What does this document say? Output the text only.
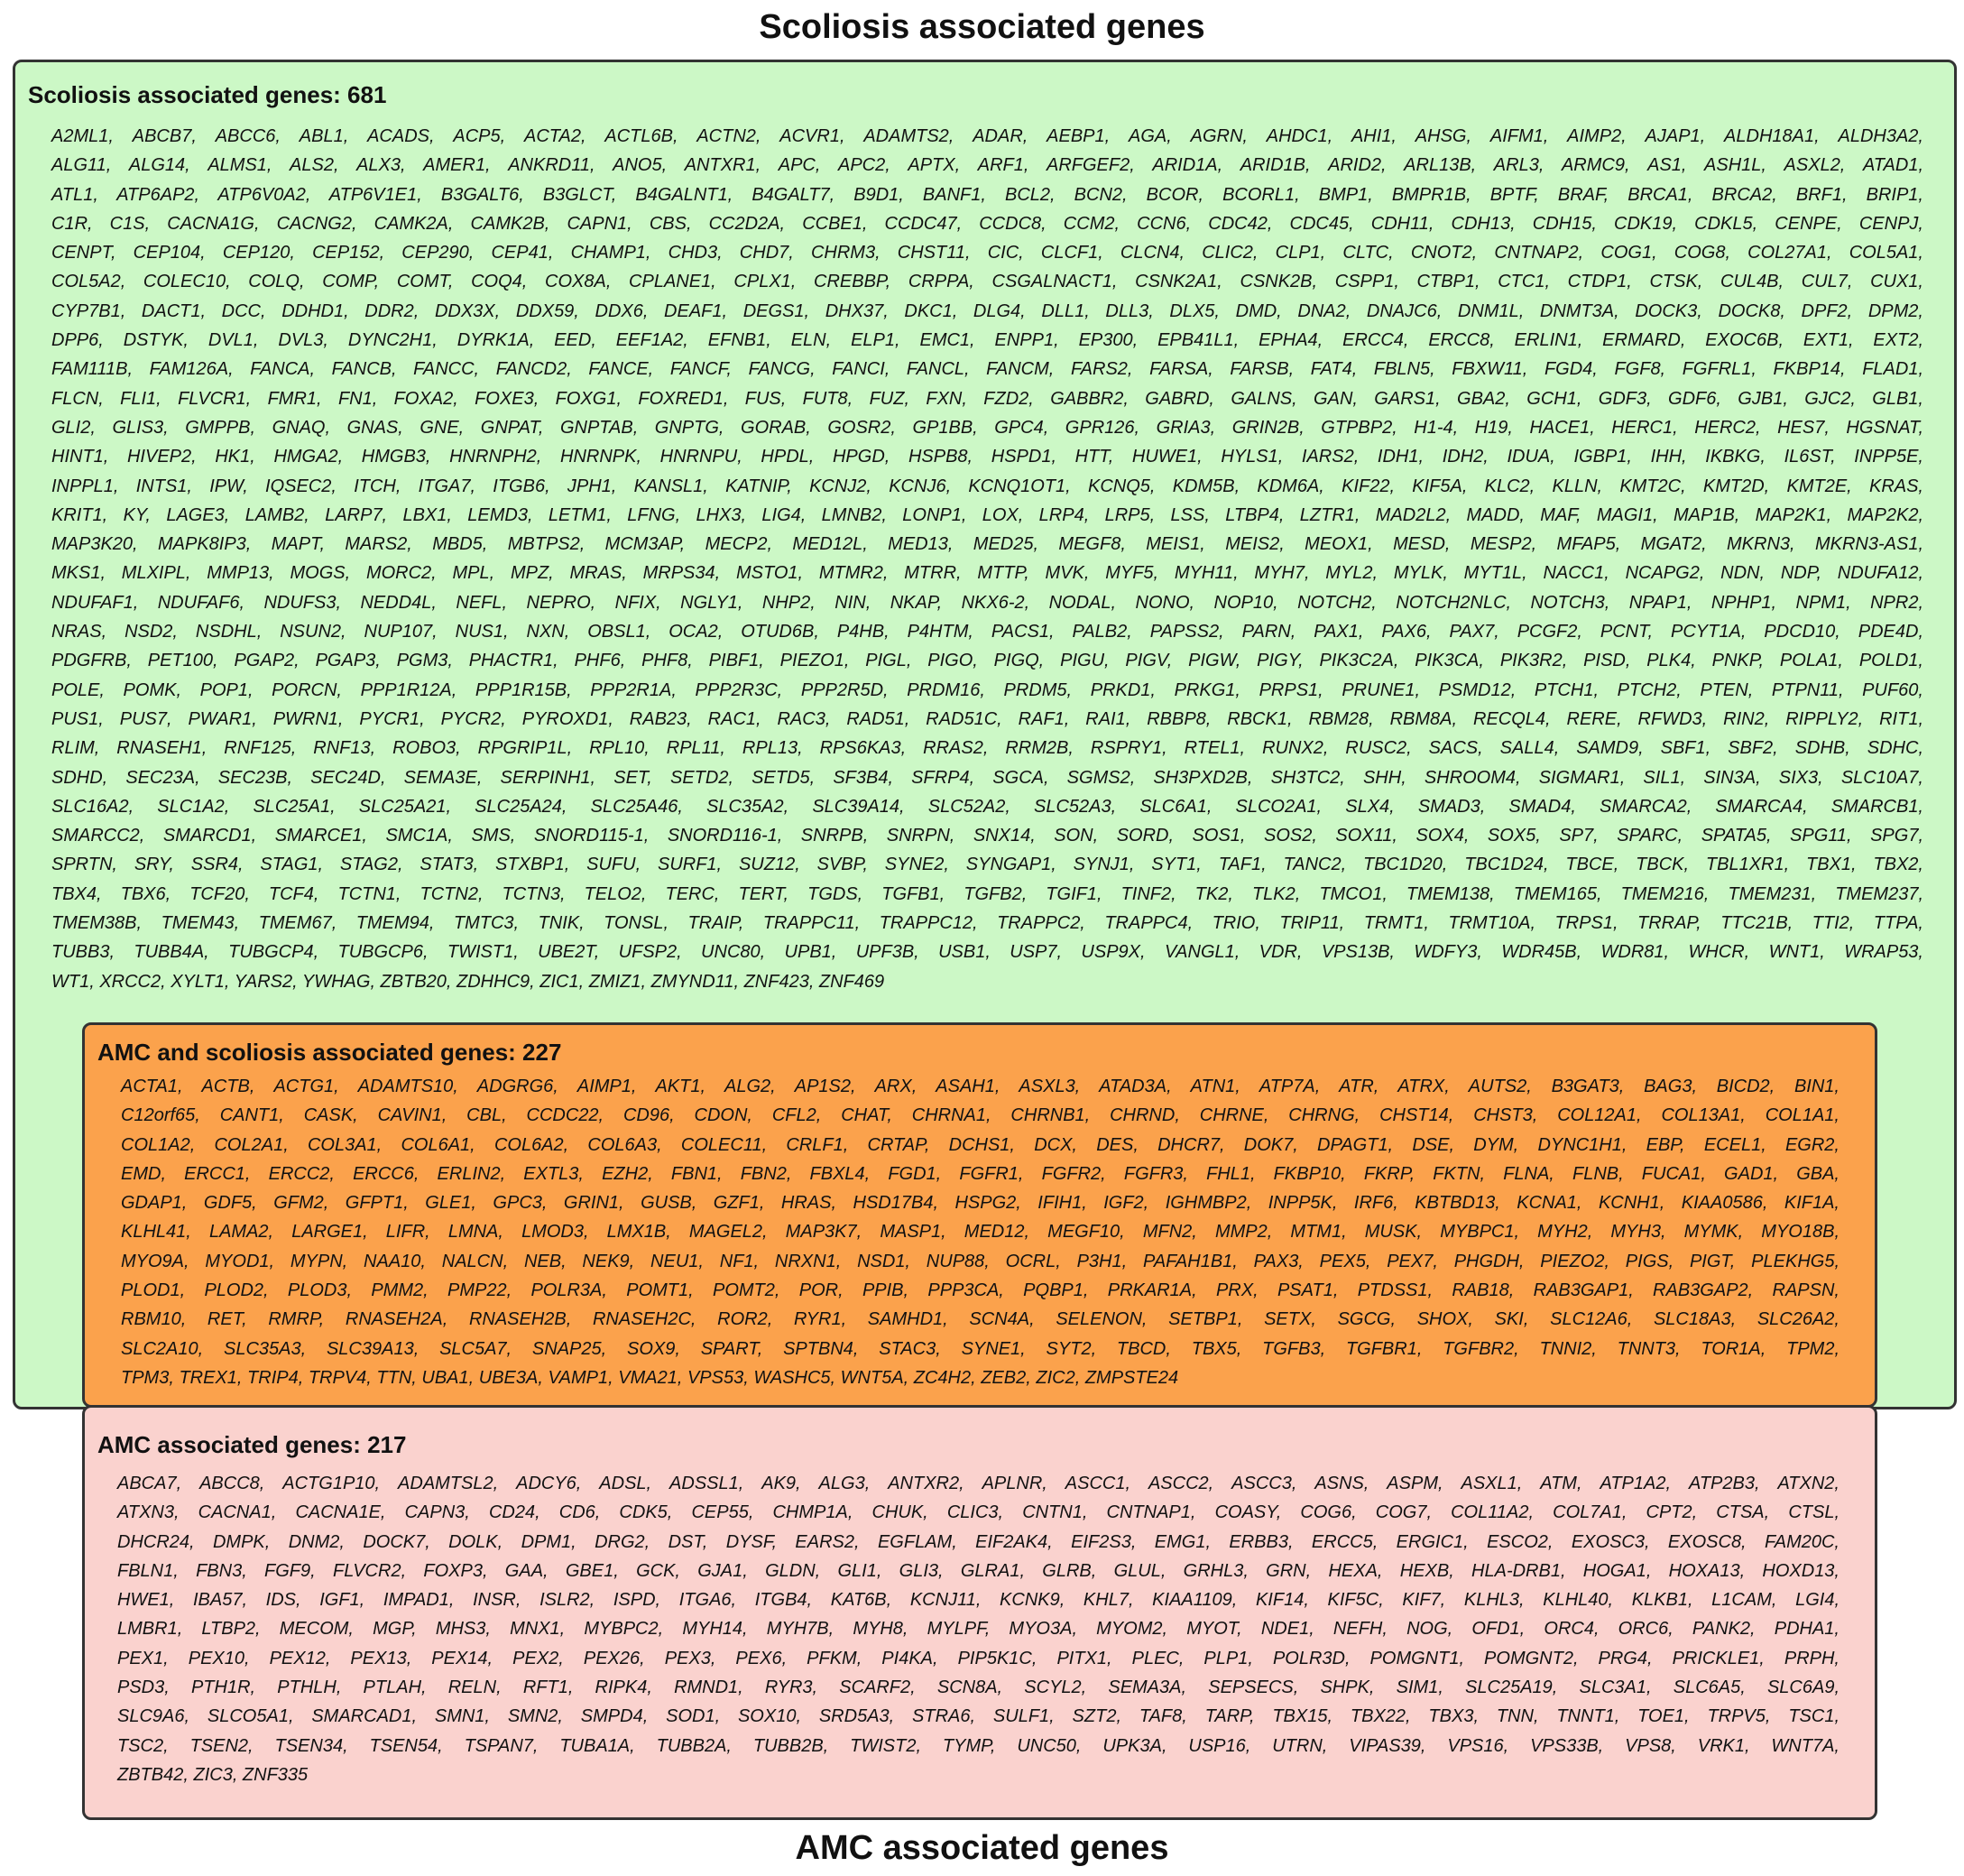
Scoliosis associated genes
Scoliosis associated genes: 681
A2ML1, ABCB7, ABCC6, ABL1, ACADS, ACP5, ACTA2, ACTL6B, ACTN2, ACVR1, ADAMTS2, ADAR, AEBP1, AGA, AGRN, AHDC1, AHI1, AHSG, AIFM1, AIMP2, AJAP1, ALDH18A1, ALDH3A2,
ALG11, ALG14, ALMS1, ALS2, ALX3, AMER1, ANKRD11, ANO5, ANTXR1, APC, APC2, APTX, ARF1, ARFGEF2, ARID1A, ARID1B, ARID2, ARL13B, ARL3, ARMC9, AS1, ASH1L, ASXL2, ATAD1,
ATL1, ATP6AP2, ATP6V0A2, ATP6V1E1, B3GALT6, B3GLCT, B4GALNT1, B4GALT7, B9D1, BANF1, BCL2, BCN2, BCOR, BCORL1, BMP1, BMPR1B, BPTF, BRAF, BRCA1, BRCA2, BRF1, BRIP1,
C1R, C1S, CACNA1G, CACNG2, CAMK2A, CAMK2B, CAPN1, CBS, CC2D2A, CCBE1, CCDC47, CCDC8, CCM2, CCN6, CDC42, CDC45, CDH11, CDH13, CDH15, CDK19, CDKL5, CENPE, CENPJ,
CENPT, CEP104, CEP120, CEP152, CEP290, CEP41, CHAMP1, CHD3, CHD7, CHRM3, CHST11, CIC, CLCF1, CLCN4, CLIC2, CLP1, CLTC, CNOT2, CNTNAP2, COG1, COG8, COL27A1, COL5A1,
COL5A2, COLEC10, COLQ, COMP, COMT, COQ4, COX8A, CPLANE1, CPLX1, CREBBP, CRPPA, CSGALNACT1, CSNK2A1, CSNK2B, CSPP1, CTBP1, CTC1, CTDP1, CTSK, CUL4B, CUL7, CUX1,
CYP7B1, DACT1, DCC, DDHD1, DDR2, DDX3X, DDX59, DDX6, DEAF1, DEGS1, DHX37, DKC1, DLG4, DLL1, DLL3, DLX5, DMD, DNA2, DNAJC6, DNM1L, DNMT3A, DOCK3, DOCK8, DPF2, DPM2,
DPP6, DSTYK, DVL1, DVL3, DYNC2H1, DYRK1A, EED, EEF1A2, EFNB1, ELN, ELP1, EMC1, ENPP1, EP300, EPB41L1, EPHA4, ERCC4, ERCC8, ERLIN1, ERMARD, EXOC6B, EXT1, EXT2,
FAM111B, FAM126A, FANCA, FANCB, FANCC, FANCD2, FANCE, FANCF, FANCG, FANCI, FANCL, FANCM, FARS2, FARSA, FARSB, FAT4, FBLN5, FBXW11, FGD4, FGF8, FGFRL1, FKBP14, FLAD1,
FLCN, FLI1, FLVCR1, FMR1, FN1, FOXA2, FOXE3, FOXG1, FOXRED1, FUS, FUT8, FUZ, FXN, FZD2, GABBR2, GABRD, GALNS, GAN, GARS1, GBA2, GCH1, GDF3, GDF6, GJB1, GJC2, GLB1,
GLI2, GLIS3, GMPPB, GNAQ, GNAS, GNE, GNPAT, GNPTAB, GNPTG, GORAB, GOSR2, GP1BB, GPC4, GPR126, GRIA3, GRIN2B, GTPBP2, H1-4, H19, HACE1, HERC1, HERC2, HES7, HGSNAT,
HINT1, HIVEP2, HK1, HMGA2, HMGB3, HNRNPH2, HNRNPK, HNRNPU, HPDL, HPGD, HSPB8, HSPD1, HTT, HUWE1, HYLS1, IARS2, IDH1, IDH2, IDUA, IGBP1, IHH, IKBKG, IL6ST, INPP5E,
INPPL1, INTS1, IPW, IQSEC2, ITCH, ITGA7, ITGB6, JPH1, KANSL1, KATNIP, KCNJ2, KCNJ6, KCNQ1OT1, KCNQ5, KDM5B, KDM6A, KIF22, KIF5A, KLC2, KLLN, KMT2C, KMT2D, KMT2E, KRAS,
KRIT1, KY, LAGE3, LAMB2, LARP7, LBX1, LEMD3, LETM1, LFNG, LHX3, LIG4, LMNB2, LONP1, LOX, LRP4, LRP5, LSS, LTBP4, LZTR1, MAD2L2, MADD, MAF, MAGI1, MAP1B, MAP2K1, MAP2K2,
MAP3K20, MAPK8IP3, MAPT, MARS2, MBD5, MBTPS2, MCM3AP, MECP2, MED12L, MED13, MED25, MEGF8, MEIS1, MEIS2, MEOX1, MESD, MESP2, MFAP5, MGAT2, MKRN3, MKRN3-AS1,
MKS1, MLXIPL, MMP13, MOGS, MORC2, MPL, MPZ, MRAS, MRPS34, MSTO1, MTMR2, MTRR, MTTP, MVK, MYF5, MYH11, MYH7, MYL2, MYLK, MYT1L, NACC1, NCAPG2, NDN, NDP, NDUFA12,
NDUFAF1, NDUFAF6, NDUFS3, NEDD4L, NEFL, NEPRO, NFIX, NGLY1, NHP2, NIN, NKAP, NKX6-2, NODAL, NONO, NOP10, NOTCH2, NOTCH2NLC, NOTCH3, NPAP1, NPHP1, NPM1, NPR2,
NRAS, NSD2, NSDHL, NSUN2, NUP107, NUS1, NXN, OBSL1, OCA2, OTUD6B, P4HB, P4HTM, PACS1, PALB2, PAPSS2, PARN, PAX1, PAX6, PAX7, PCGF2, PCNT, PCYT1A, PDCD10, PDE4D,
PDGFRB, PET100, PGAP2, PGAP3, PGM3, PHACTR1, PHF6, PHF8, PIBF1, PIEZO1, PIGL, PIGO, PIGQ, PIGU, PIGV, PIGW, PIGY, PIK3C2A, PIK3CA, PIK3R2, PISD, PLK4, PNKP, POLA1, POLD1,
POLE, POMK, POP1, PORCN, PPP1R12A, PPP1R15B, PPP2R1A, PPP2R3C, PPP2R5D, PRDM16, PRDM5, PRKD1, PRKG1, PRPS1, PRUNE1, PSMD12, PTCH1, PTCH2, PTEN, PTPN11, PUF60,
PUS1, PUS7, PWAR1, PWRN1, PYCR1, PYCR2, PYROXD1, RAB23, RAC1, RAC3, RAD51, RAD51C, RAF1, RAI1, RBBP8, RBCK1, RBM28, RBM8A, RECQL4, RERE, RFWD3, RIN2, RIPPLY2, RIT1,
RLIM, RNASEH1, RNF125, RNF13, ROBO3, RPGRIP1L, RPL10, RPL11, RPL13, RPS6KA3, RRAS2, RRM2B, RSPRY1, RTEL1, RUNX2, RUSC2, SACS, SALL4, SAMD9, SBF1, SBF2, SDHB, SDHC,
SDHD, SEC23A, SEC23B, SEC24D, SEMA3E, SERPINH1, SET, SETD2, SETD5, SF3B4, SFRP4, SGCA, SGMS2, SH3PXD2B, SH3TC2, SHH, SHROOM4, SIGMAR1, SIL1, SIN3A, SIX3, SLC10A7,
SLC16A2, SLC1A2, SLC25A1, SLC25A21, SLC25A24, SLC25A46, SLC35A2, SLC39A14, SLC52A2, SLC52A3, SLC6A1, SLCO2A1, SLX4, SMAD3, SMAD4, SMARCA2, SMARCA4, SMARCB1,
SMARCC2, SMARCD1, SMARCE1, SMC1A, SMS, SNORD115-1, SNORD116-1, SNRPB, SNRPN, SNX14, SON, SORD, SOS1, SOS2, SOX11, SOX4, SOX5, SP7, SPARC, SPATA5, SPG11, SPG7,
SPRTN, SRY, SSR4, STAG1, STAG2, STAT3, STXBP1, SUFU, SURF1, SUZ12, SVBP, SYNE2, SYNGAP1, SYNJ1, SYT1, TAF1, TANC2, TBC1D20, TBC1D24, TBCE, TBCK, TBL1XR1, TBX1, TBX2,
TBX4, TBX6, TCF20, TCF4, TCTN1, TCTN2, TCTN3, TELO2, TERC, TERT, TGDS, TGFB1, TGFB2, TGIF1, TINF2, TK2, TLK2, TMCO1, TMEM138, TMEM165, TMEM216, TMEM231, TMEM237,
TMEM38B, TMEM43, TMEM67, TMEM94, TMTC3, TNIK, TONSL, TRAIP, TRAPPC11, TRAPPC12, TRAPPC2, TRAPPC4, TRIO, TRIP11, TRMT1, TRMT10A, TRPS1, TRRAP, TTC21B, TTI2, TTPA,
TUBB3, TUBB4A, TUBGCP4, TUBGCP6, TWIST1, UBE2T, UFSP2, UNC80, UPB1, UPF3B, USB1, USP7, USP9X, VANGL1, VDR, VPS13B, WDFY3, WDR45B, WDR81, WHCR, WNT1, WRAP53,
WT1, XRCC2, XYLT1, YARS2, YWHAG, ZBTB20, ZDHHC9, ZIC1, ZMIZ1, ZMYND11, ZNF423, ZNF469
AMC associated genes: 217
ABCA7, ABCC8, ACTG1P10, ADAMTSL2, ADCY6, ADSL, ADSSL1, AK9, ALG3, ANTXR2, APLNR, ASCC1, ASCC2, ASCC3, ASNS, ASPM, ASXL1, ATM, ATP1A2, ATP2B3, ATXN2,
ATXN3, CACNA1, CACNA1E, CAPN3, CD24, CD6, CDK5, CEP55, CHMP1A, CHUK, CLIC3, CNTN1, CNTNAP1, COASY, COG6, COG7, COL11A2, COL7A1, CPT2, CTSA, CTSL,
DHCR24, DMPK, DNM2, DOCK7, DOLK, DPM1, DRG2, DST, DYSF, EARS2, EGFLAM, EIF2AK4, EIF2S3, EMG1, ERBB3, ERCC5, ERGIC1, ESCO2, EXOSC3, EXOSC8, FAM20C,
FBLN1, FBN3, FGF9, FLVCR2, FOXP3, GAA, GBE1, GCK, GJA1, GLDN, GLI1, GLI3, GLRA1, GLRB, GLUL, GRHL3, GRN, HEXA, HEXB, HLA-DRB1, HOGA1, HOXA13, HOXD13,
HWE1, IBA57, IDS, IGF1, IMPAD1, INSR, ISLR2, ISPD, ITGA6, ITGB4, KAT6B, KCNJ11, KCNK9, KHL7, KIAA1109, KIF14, KIF5C, KIF7, KLHL3, KLHL40, KLKB1, L1CAM, LGI4,
LMBR1, LTBP2, MECOM, MGP, MHS3, MNX1, MYBPC2, MYH14, MYH7B, MYH8, MYLPF, MYO3A, MYOM2, MYOT, NDE1, NEFH, NOG, OFD1, ORC4, ORC6, PANK2, PDHA1,
PEX1, PEX10, PEX12, PEX13, PEX14, PEX2, PEX26, PEX3, PEX6, PFKM, PI4KA, PIP5K1C, PITX1, PLEC, PLP1, POLR3D, POMGNT1, POMGNT2, PRG4, PRICKLE1, PRPH,
PSD3, PTH1R, PTHLH, PTLAH, RELN, RFT1, RIPK4, RMND1, RYR3, SCARF2, SCN8A, SCYL2, SEMA3A, SEPSECS, SHPK, SIM1, SLC25A19, SLC3A1, SLC6A5, SLC6A9,
SLC9A6, SLCO5A1, SMARCAD1, SMN1, SMN2, SMPD4, SOD1, SOX10, SRD5A3, STRA6, SULF1, SZT2, TAF8, TARP, TBX15, TBX22, TBX3, TNN, TNNT1, TOE1, TRPV5, TSC1,
TSC2, TSEN2, TSEN34, TSEN54, TSPAN7, TUBA1A, TUBB2A, TUBB2B, TWIST2, TYMP, UNC50, UPK3A, USP16, UTRN, VIPAS39, VPS16, VPS33B, VPS8, VRK1, WNT7A,
ZBTB42, ZIC3, ZNF335
AMC and scoliosis associated genes: 227
ACTA1, ACTB, ACTG1, ADAMTS10, ADGRG6, AIMP1, AKT1, ALG2, AP1S2, ARX, ASAH1, ASXL3, ATAD3A, ATN1, ATP7A, ATR, ATRX, AUTS2, B3GAT3, BAG3, BICD2, BIN1,
C12orf65, CANT1, CASK, CAVIN1, CBL, CCDC22, CD96, CDON, CFL2, CHAT, CHRNA1, CHRNB1, CHRND, CHRNE, CHRNG, CHST14, CHST3, COL12A1, COL13A1, COL1A1,
COL1A2, COL2A1, COL3A1, COL6A1, COL6A2, COL6A3, COLEC11, CRLF1, CRTAP, DCHS1, DCX, DES, DHCR7, DOK7, DPAGT1, DSE, DYM, DYNC1H1, EBP, ECEL1, EGR2,
EMD, ERCC1, ERCC2, ERCC6, ERLIN2, EXTL3, EZH2, FBN1, FBN2, FBXL4, FGD1, FGFR1, FGFR2, FGFR3, FHL1, FKBP10, FKRP, FKTN, FLNA, FLNB, FUCA1, GAD1, GBA,
GDAP1, GDF5, GFM2, GFPT1, GLE1, GPC3, GRIN1, GUSB, GZF1, HRAS, HSD17B4, HSPG2, IFIH1, IGF2, IGHMBP2, INPP5K, IRF6, KBTBD13, KCNA1, KCNH1, KIAA0586, KIF1A,
KLHL41, LAMA2, LARGE1, LIFR, LMNA, LMOD3, LMX1B, MAGEL2, MAP3K7, MASP1, MED12, MEGF10, MFN2, MMP2, MTM1, MUSK, MYBPC1, MYH2, MYH3, MYMK, MYO18B,
MYO9A, MYOD1, MYPN, NAA10, NALCN, NEB, NEK9, NEU1, NF1, NRXN1, NSD1, NUP88, OCRL, P3H1, PAFAH1B1, PAX3, PEX5, PEX7, PHGDH, PIEZO2, PIGS, PIGT, PLEKHG5,
PLOD1, PLOD2, PLOD3, PMM2, PMP22, POLR3A, POMT1, POMT2, POR, PPIB, PPP3CA, PQBP1, PRKAR1A, PRX, PSAT1, PTDSS1, RAB18, RAB3GAP1, RAB3GAP2, RAPSN,
RBM10, RET, RMRP, RNASEH2A, RNASEH2B, RNASEH2C, ROR2, RYR1, SAMHD1, SCN4A, SELENON, SETBP1, SETX, SGCG, SHOX, SKI, SLC12A6, SLC18A3, SLC26A2,
SLC2A10, SLC35A3, SLC39A13, SLC5A7, SNAP25, SOX9, SPART, SPTBN4, STAC3, SYNE1, SYT2, TBCD, TBX5, TGFB3, TGFBR1, TGFBR2, TNNI2, TNNT3, TOR1A, TPM2,
TPM3, TREX1, TRIP4, TRPV4, TTN, UBA1, UBE3A, VAMP1, VMA21, VPS53, WASHC5, WNT5A, ZC4H2, ZEB2, ZIC2, ZMPSTE24
AMC associated genes
